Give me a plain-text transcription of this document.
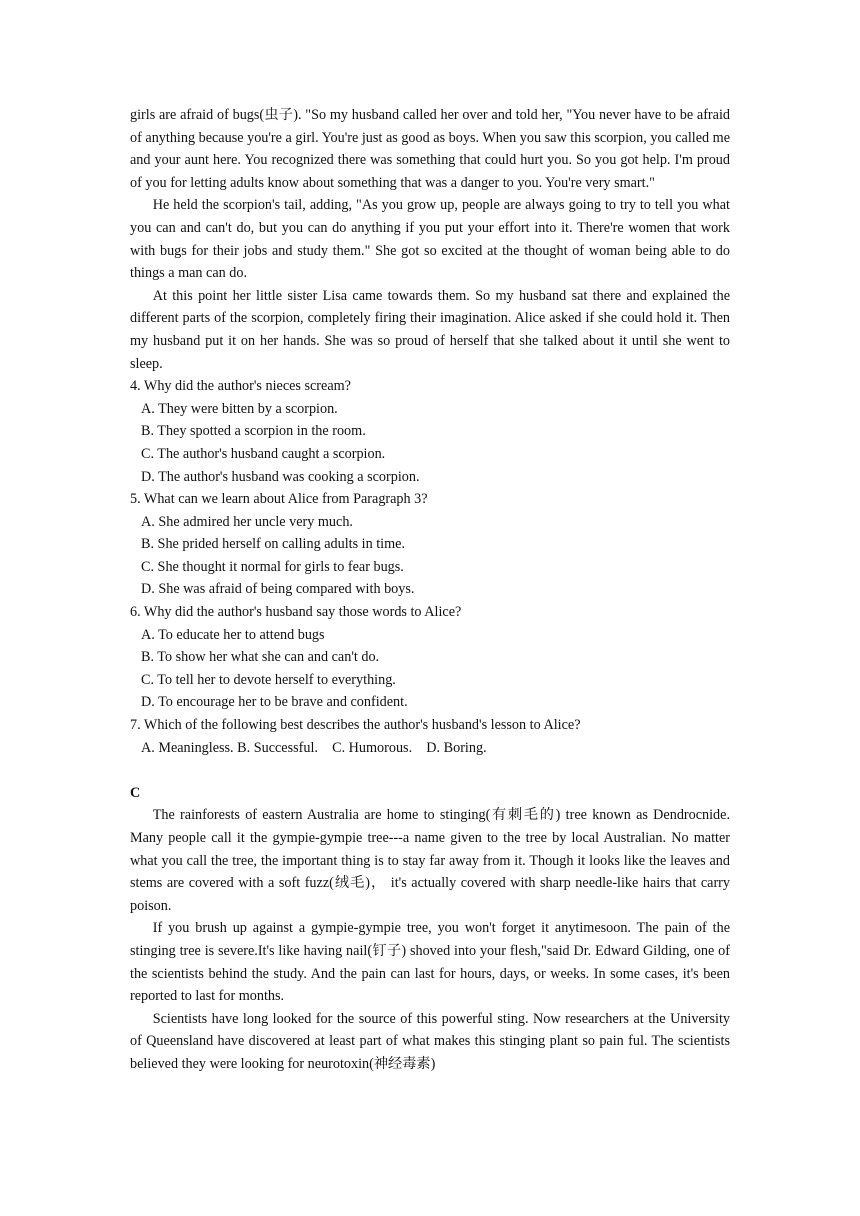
girls are afraid of bugs(虫子). "So my husband called her over and told her, "You never have to be afraid of anything because you're a girl. You're just as good as boys. When you saw this scorpion, you called me and your aunt here. You recognized there was something that could hurt you. So you got help. I'm proud of you for letting adults know about something that was a danger to you. You're very smart."

He held the scorpion's tail, adding, "As you grow up, people are always going to try to tell you what you can and can't do, but you can do anything if you put your effort into it. There're women that work with bugs for their jobs and study them." She got so excited at the thought of woman being able to do things a man can do.

At this point her little sister Lisa came towards them. So my husband sat there and explained the different parts of the scorpion, completely firing their imagination. Alice asked if she could hold it. Then my husband put it on her hands. She was so proud of herself that she talked about it until she went to sleep.

4. Why did the author's nieces scream?

A. They were bitten by a scorpion.

B. They spotted a scorpion in the room.

C. The author's husband caught a scorpion.

D. The author's husband was cooking a scorpion.

5. What can we learn about Alice from Paragraph 3?

A. She admired her uncle very much.

B. She prided herself on calling adults in time.

C. She thought it normal for girls to fear bugs.

D. She was afraid of being compared with boys.

6. Why did the author's husband say those words to Alice?

A. To educate her to attend bugs

B. To show her what she can and can't do.

C. To tell her to devote herself to everything.

D. To encourage her to be brave and confident.

7. Which of the following best describes the author's husband's lesson to Alice?

A. Meaningless. B. Successful.    C. Humorous.    D. Boring.

C

The rainforests of eastern Australia are home to stinging(有刺毛的) tree known as Dendrocnide. Many people call it the gympie-gympie tree---a name given to the tree by local Australian. No matter what you call the tree, the important thing is to stay far away from it. Though it looks like the leaves and stems are covered with a soft fuzz(绒毛)， it's actually covered with sharp needle-like hairs that carry poison.

If you brush up against a gympie-gympie tree, you won't forget it anytimesoon. The pain of the stinging tree is severe.It's like having nail(钉子) shoved into your flesh,"said Dr. Edward Gilding, one of the scientists behind the study. And the pain can last for hours, days, or weeks. In some cases, it's been reported to last for months.

Scientists have long looked for the source of this powerful sting. Now researchers at the University of Queensland have discovered at least part of what makes this stinging plant so pain ful. The scientists believed they were looking for neurotoxin(神经毒素)
